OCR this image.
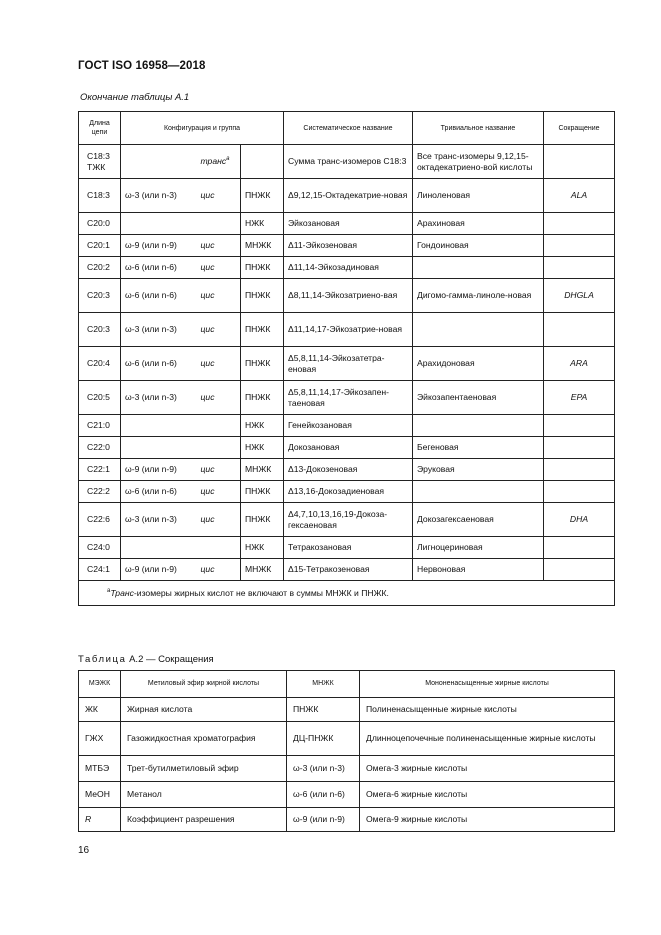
ГОСТ ISO 16958—2018
Окончание таблицы А.1
Длина цепи	Конфигурация и группа			Систематическое название	Тривиальное название	Сокращение
C18:3 ТЖК		транс$^a$		Сумма транс-изомеров C18:3	Все транс-изомеры 9,12,15-октадекатриено-вой кислоты	
C18:3	ω-3 (или n-3)	цис	ПНЖК	Δ9,12,15-Октадекатрие-новая	Линоленовая	ALA
C20:0			НЖК	Эйкозановая	Арахиновая	
C20:1	ω-9 (или n-9)	цис	МНЖК	Δ11-Эйкозеновая	Гондоиновая	
C20:2	ω-6 (или n-6)	цис	ПНЖК	Δ11,14-Эйкозадиновая		
C20:3	ω-6 (или n-6)	цис	ПНЖК	Δ8,11,14-Эйкозатриено-вая	Дигомо-гамма-линоле-новая	DHGLA
C20:3	ω-3 (или n-3)	цис	ПНЖК	Δ11,14,17-Эйкозатрие-новая		
C20:4	ω-6 (или n-6)	цис	ПНЖК	Δ5,8,11,14-Эйкозатетра-еновая	Арахидоновая	ARA
C20:5	ω-3 (или n-3)	цис	ПНЖК	Δ5,8,11,14,17-Эйкозапен-таеновая	Эйкозапентаеновая	EPA
C21:0			НЖК	Генейкозановая		
C22:0			НЖК	Докозановая	Бегеновая	
C22:1	ω-9 (или n-9)	цис	МНЖК	Δ13-Докозеновая	Эруковая	
C22:2	ω-6 (или n-6)	цис	ПНЖК	Δ13,16-Докозадиеновая		
C22:6	ω-3 (или n-3)	цис	ПНЖК	Δ4,7,10,13,16,19-Докоза-гексаеновая	Докозагексаеновая	DHA
C24:0			НЖК	Тетракозановая	Лигноцериновая	
C24:1	ω-9 (или n-9)	цис	МНЖК	Δ15-Тетракозеновая	Нервоновая	
$^a$Транс-изомеры жирных кислот не включают в суммы МНЖК и ПНЖК.						
Таблица А.2 — Сокращения
МЭЖК	Метиловый эфир жирной кислоты	МНЖК	Мононенасыщенные жирные кислоты
ЖК	Жирная кислота	ПНЖК	Полиненасыщенные жирные кислоты
ГЖХ	Газожидкостная хроматография	ДЦ-ПНЖК	Длинноцепочечные полиненасыщенные жирные кислоты
МТБЭ	Трет-бутилметиловый эфир	ω-3 (или n-3)	Омега-3 жирные кислоты
МеОН	Метанол	ω-6 (или n-6)	Омега-6 жирные кислоты
R	Коэффициент разрешения	ω-9 (или n-9)	Омега-9 жирные кислоты
16
